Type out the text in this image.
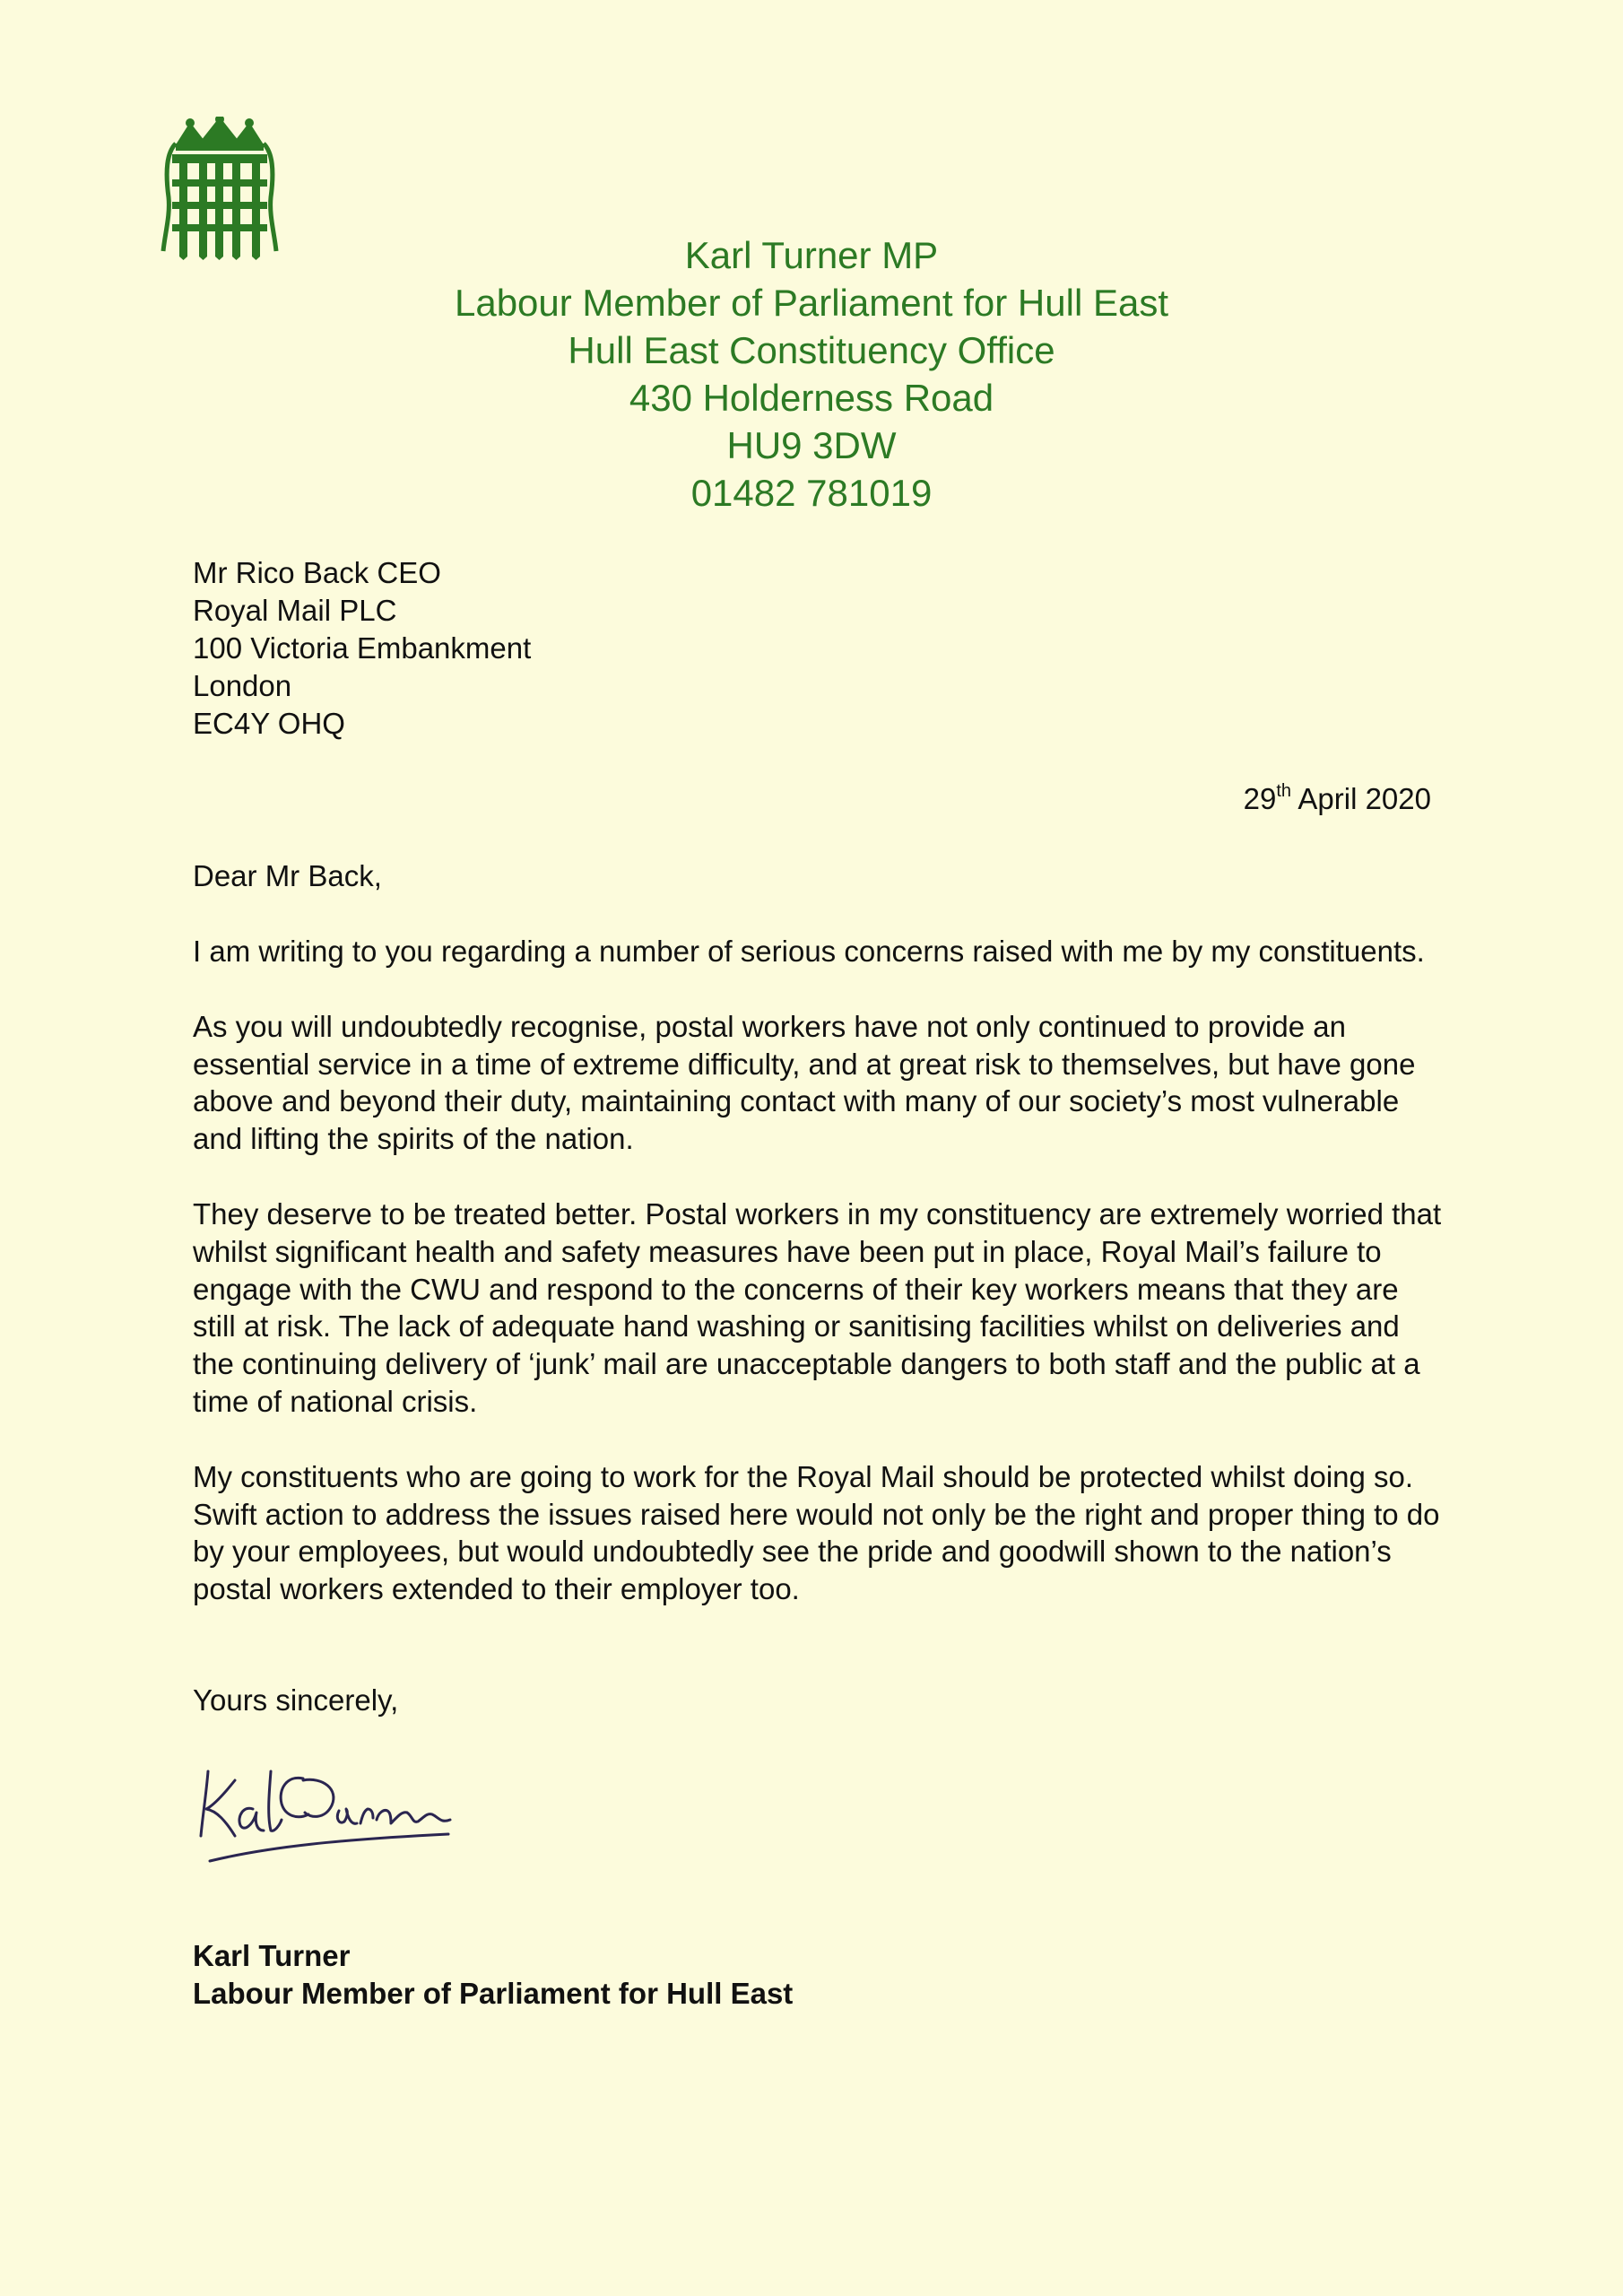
Karl Turner MP
Labour Member of Parliament for Hull East
Hull East Constituency Office
430 Holderness Road
HU9 3DW
01482 781019
Mr Rico Back CEO
Royal Mail PLC
100 Victoria Embankment
London
EC4Y OHQ
29th April 2020
Dear Mr Back,

I am writing to you regarding a number of serious concerns raised with me by my constituents.

As you will undoubtedly recognise, postal workers have not only continued to provide an essential service in a time of extreme difficulty, and at great risk to themselves, but have gone above and beyond their duty, maintaining contact with many of our society’s most vulnerable and lifting the spirits of the nation.

They deserve to be treated better. Postal workers in my constituency are extremely worried that whilst significant health and safety measures have been put in place, Royal Mail’s failure to engage with the CWU and respond to the concerns of their key workers means that they are still at risk. The lack of adequate hand washing or sanitising facilities whilst on deliveries and the continuing delivery of ‘junk’ mail are unacceptable dangers to both staff and the public at a time of national crisis.

My constituents who are going to work for the Royal Mail should be protected whilst doing so. Swift action to address the issues raised here would not only be the right and proper thing to do by your employees, but would undoubtedly see the pride and goodwill shown to the nation’s postal workers extended to their employer too.

Yours sincerely,
Karl Turner
Labour Member of Parliament for Hull East
